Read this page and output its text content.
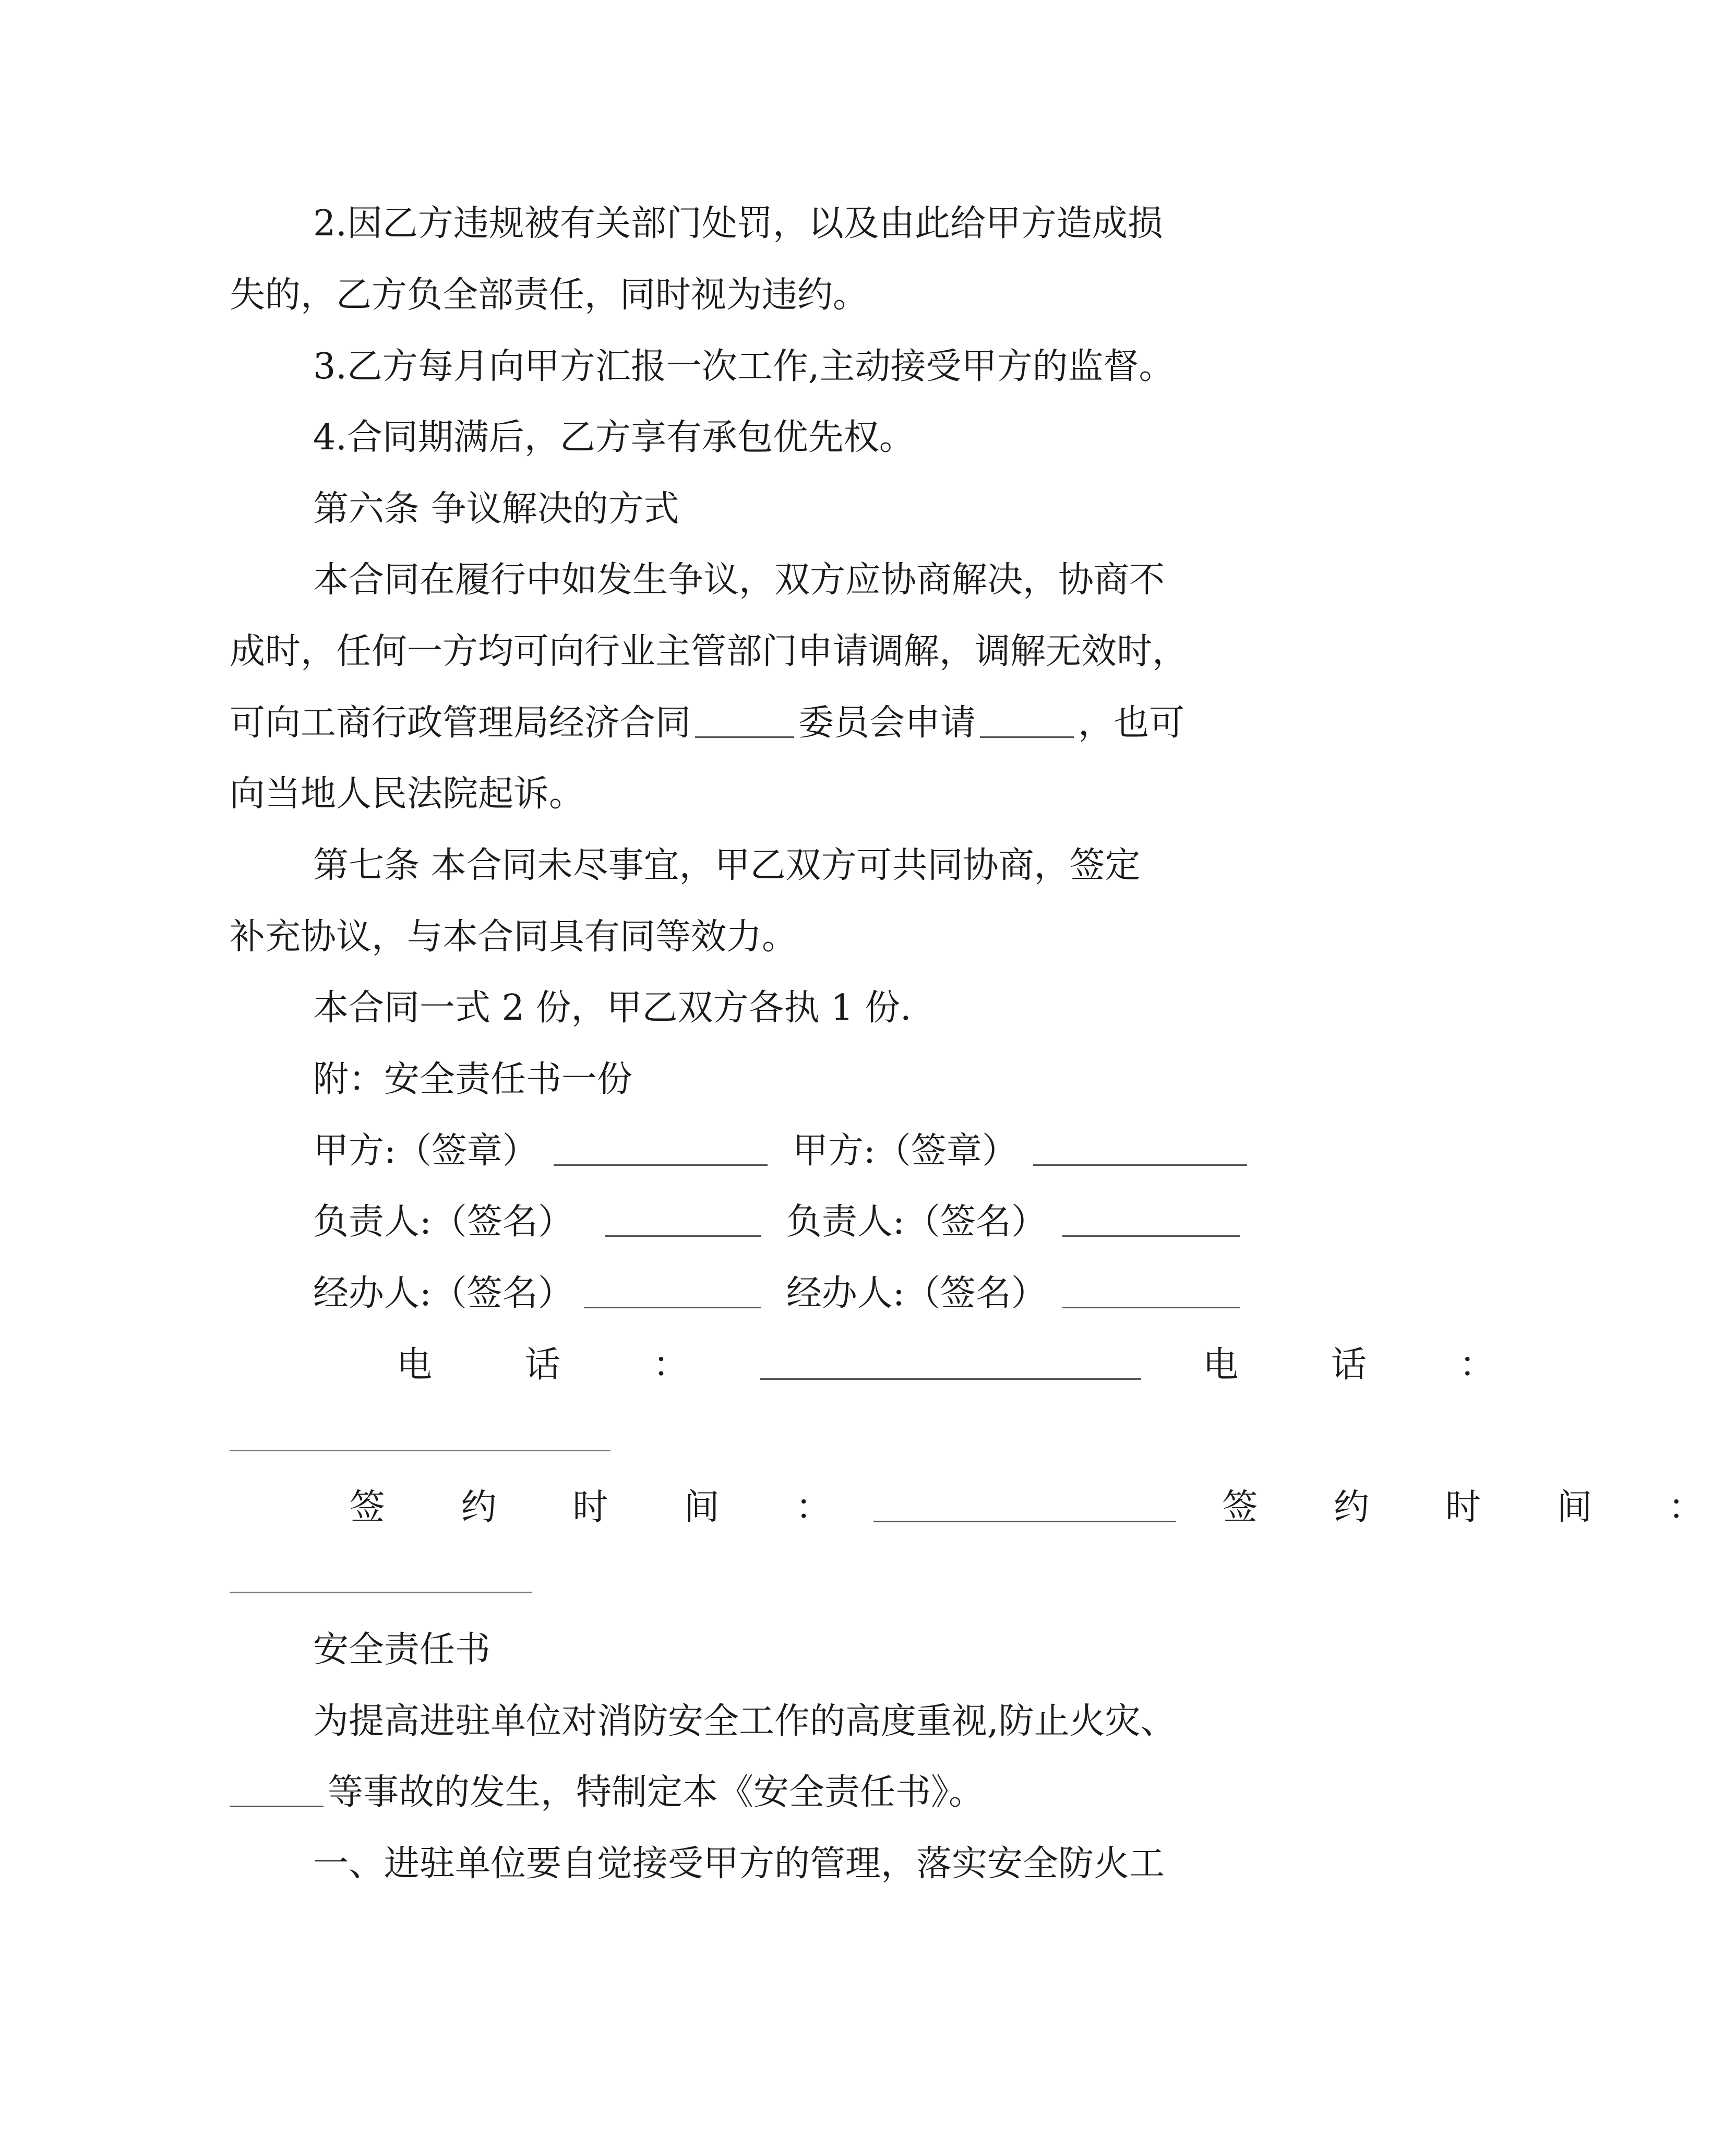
2.因乙方违规被有关部门处罚，以及由此给甲方造成损
失的，乙方负全部责任，同时视为违约。
3.乙方每月向甲方汇报一次工作,主动接受甲方的监督。
4.合同期满后，乙方享有承包优先权。
第六条 争议解决的方式
本合同在履行中如发生争议，双方应协商解决，协商不
成时，任何一方均可向行业主管部门申请调解，调解无效时，
可向工商行政管理局经济合同	委员会申请	，也可
向当地人民法院起诉。
第七条 本合同未尽事宜，甲乙双方可共同协商，签定
补充协议，与本合同具有同等效力。
本合同一式 2 份，甲乙双方各执 1 份.
附：安全责任书一份
甲方:（签章）	甲方:（签章）
负责人:（签名）	负责人:（签名）
经办人:（签名）	经办人:（签名）
电 话 ：	电 话 ：
签 约 时 间 ：	签 约 时 间 ：
安全责任书
为提高进驻单位对消防安全工作的高度重视,防止火灾、
等事故的发生，特制定本《安全责任书》。
一、进驻单位要自觉接受甲方的管理，落实安全防火工
